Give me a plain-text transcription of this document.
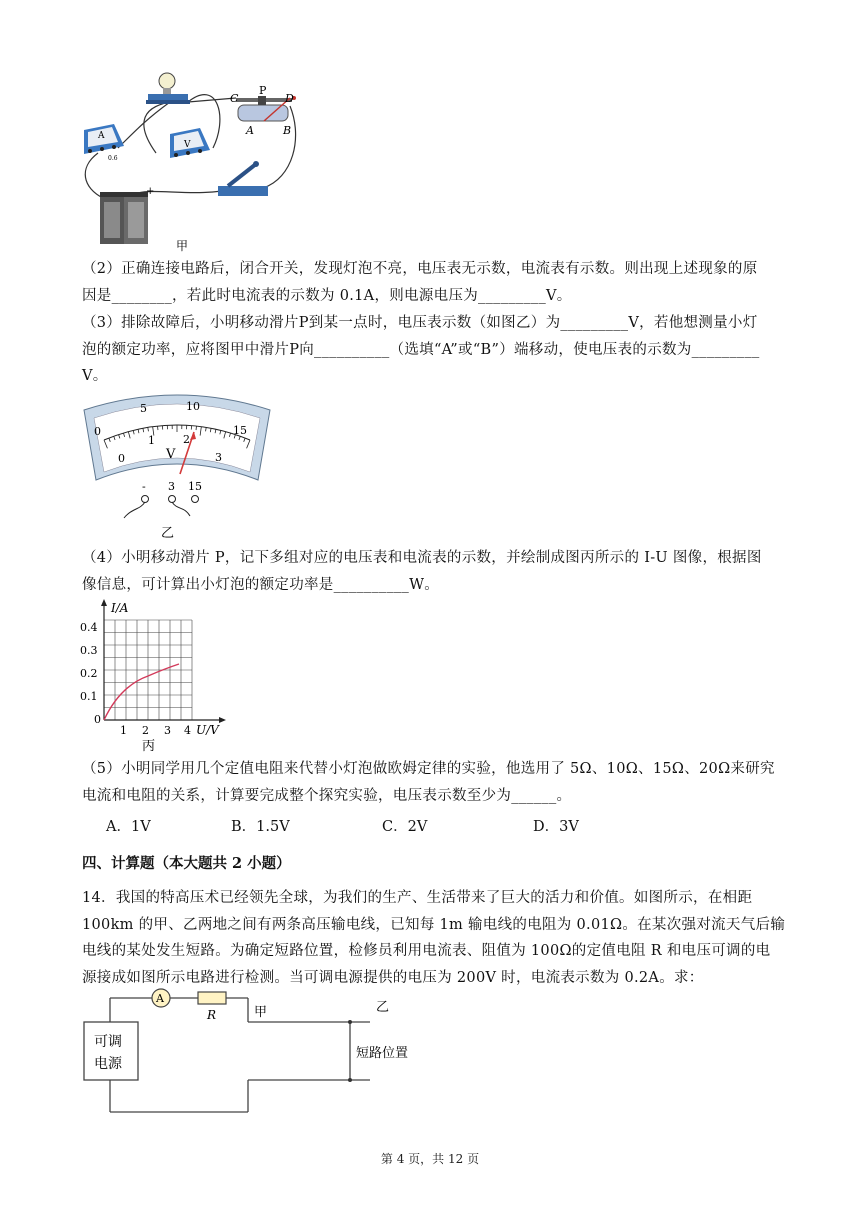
C
P
D
A	B
A
0.6
V
+
甲
（2）正确连接电路后，闭合开关，发现灯泡不亮，电压表无示数，电流表有示数。则出现上述现象的原
因是________，若此时电流表的示数为 0.1A，则电源电压为_________V。
（3）排除故障后，小明移动滑片P到某一点时，电压表示数（如图乙）为_________V，若他想测量小灯
泡的额定功率，应将图甲中滑片P向__________（选填“A”或“B”）端移动，使电压表的示数为_________
V。
0
5	10
15
0
1	2
3
V
- 3 15
乙
（4）小明移动滑片 P，记下多组对应的电压表和电流表的示数，并绘制成图丙所示的 I-U 图像，根据图
像信息，可计算出小灯泡的额定功率是__________W。
I/A
U/V
0.4
0.3
0.2
0.1
0
1 2 3 4
丙
（5）小明同学用几个定值电阻来代替小灯泡做欧姆定律的实验，他选用了 5Ω、10Ω、15Ω、20Ω来研究
电流和电阻的关系，计算要完成整个探究实验，电压表示数至少为______。
A．1V	B．1.5V	C．2V	D．3V
四、计算题（本大题共 2 小题）
14．我国的特高压术已经领先全球，为我们的生产、生活带来了巨大的活力和价值。如图所示，在相距
100km 的甲、乙两地之间有两条高压输电线，已知每 1m 输电线的电阻为 0.01Ω。在某次强对流天气后输
电线的某处发生短路。为确定短路位置，检修员利用电流表、阻值为 100Ω的定值电阻 R 和电压可调的电
源接成如图所示电路进行检测。当可调电源提供的电压为 200V 时，电流表示数为 0.2A。求：
可调
电源
A
R	甲	乙
短路位置
第 4 页，共 12 页
